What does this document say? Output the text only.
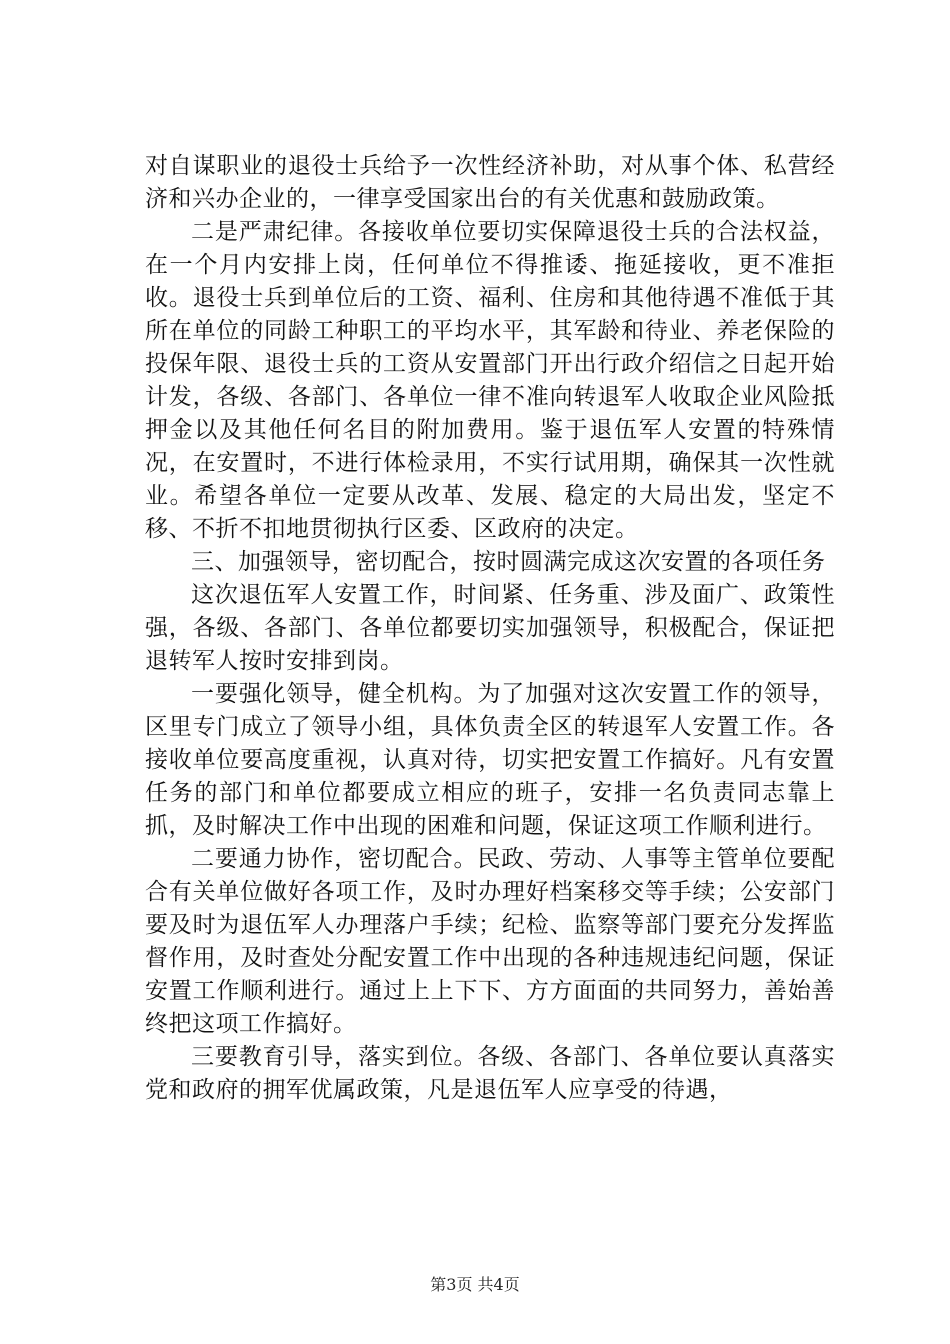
对自谋职业的退役士兵给予一次性经济补助，对从事个体、私营经济和兴办企业的，一律享受国家出台的有关优惠和鼓励政策。

二是严肃纪律。各接收单位要切实保障退役士兵的合法权益，在一个月内安排上岗，任何单位不得推诿、拖延接收，更不准拒收。退役士兵到单位后的工资、福利、住房和其他待遇不准低于其所在单位的同龄工种职工的平均水平，其军龄和待业、养老保险的投保年限、退役士兵的工资从安置部门开出行政介绍信之日起开始计发，各级、各部门、各单位一律不准向转退军人收取企业风险抵押金以及其他任何名目的附加费用。鉴于退伍军人安置的特殊情况，在安置时，不进行体检录用，不实行试用期，确保其一次性就业。希望各单位一定要从改革、发展、稳定的大局出发，坚定不移、不折不扣地贯彻执行区委、区政府的决定。

三、加强领导，密切配合，按时圆满完成这次安置的各项任务

这次退伍军人安置工作，时间紧、任务重、涉及面广、政策性强，各级、各部门、各单位都要切实加强领导，积极配合，保证把退转军人按时安排到岗。

一要强化领导，健全机构。为了加强对这次安置工作的领导，区里专门成立了领导小组，具体负责全区的转退军人安置工作。各接收单位要高度重视，认真对待，切实把安置工作搞好。凡有安置任务的部门和单位都要成立相应的班子，安排一名负责同志靠上抓，及时解决工作中出现的困难和问题，保证这项工作顺利进行。

二要通力协作，密切配合。民政、劳动、人事等主管单位要配合有关单位做好各项工作，及时办理好档案移交等手续；公安部门要及时为退伍军人办理落户手续；纪检、监察等部门要充分发挥监督作用，及时查处分配安置工作中出现的各种违规违纪问题，保证安置工作顺利进行。通过上上下下、方方面面的共同努力，善始善终把这项工作搞好。

三要教育引导，落实到位。各级、各部门、各单位要认真落实党和政府的拥军优属政策，凡是退伍军人应享受的待遇，

第3页 共4页
